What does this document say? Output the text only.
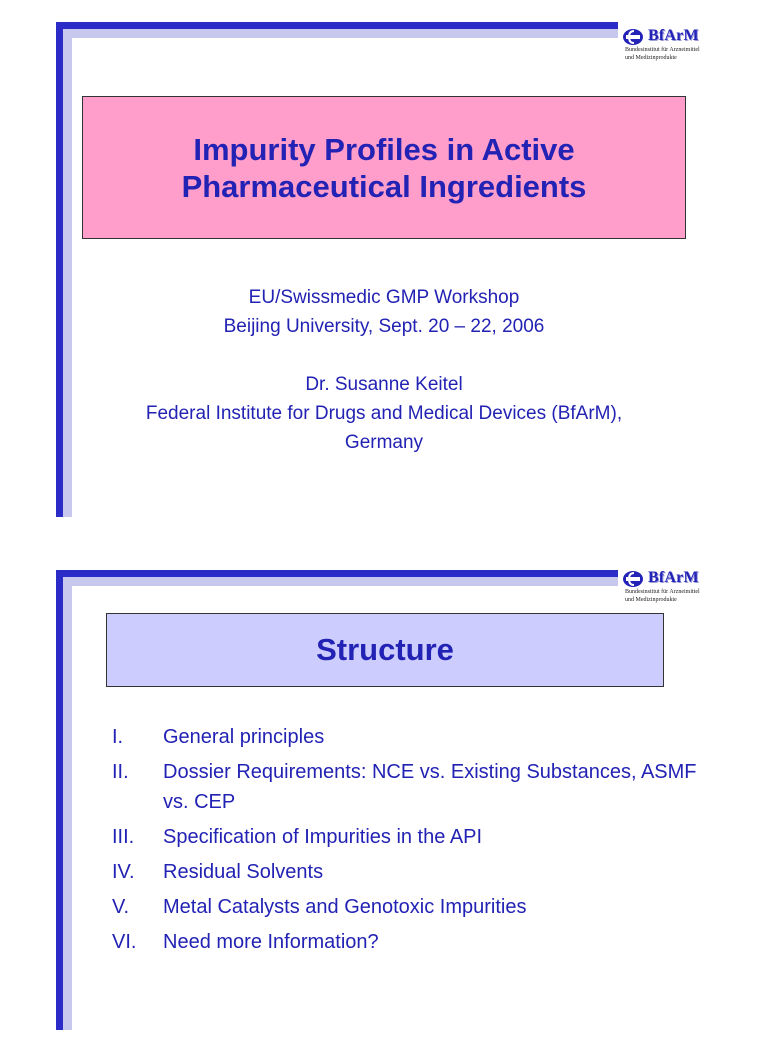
BfArM
Bundesinstitut für Arzneimittel
und Medizinprodukte
Impurity Profiles in Active
Pharmaceutical Ingredients
EU/Swissmedic GMP Workshop
Beijing University, Sept. 20 – 22, 2006
Dr. Susanne Keitel
Federal Institute for Drugs and Medical Devices (BfArM),
Germany
BfArM
Bundesinstitut für Arzneimittel
und Medizinprodukte
Structure
I.	General principles
II.	Dossier Requirements: NCE vs. Existing Substances, ASMF vs. CEP
III.	Specification of Impurities in the API
IV.	Residual Solvents
V.	Metal Catalysts and Genotoxic Impurities
VI.	Need more Information?
